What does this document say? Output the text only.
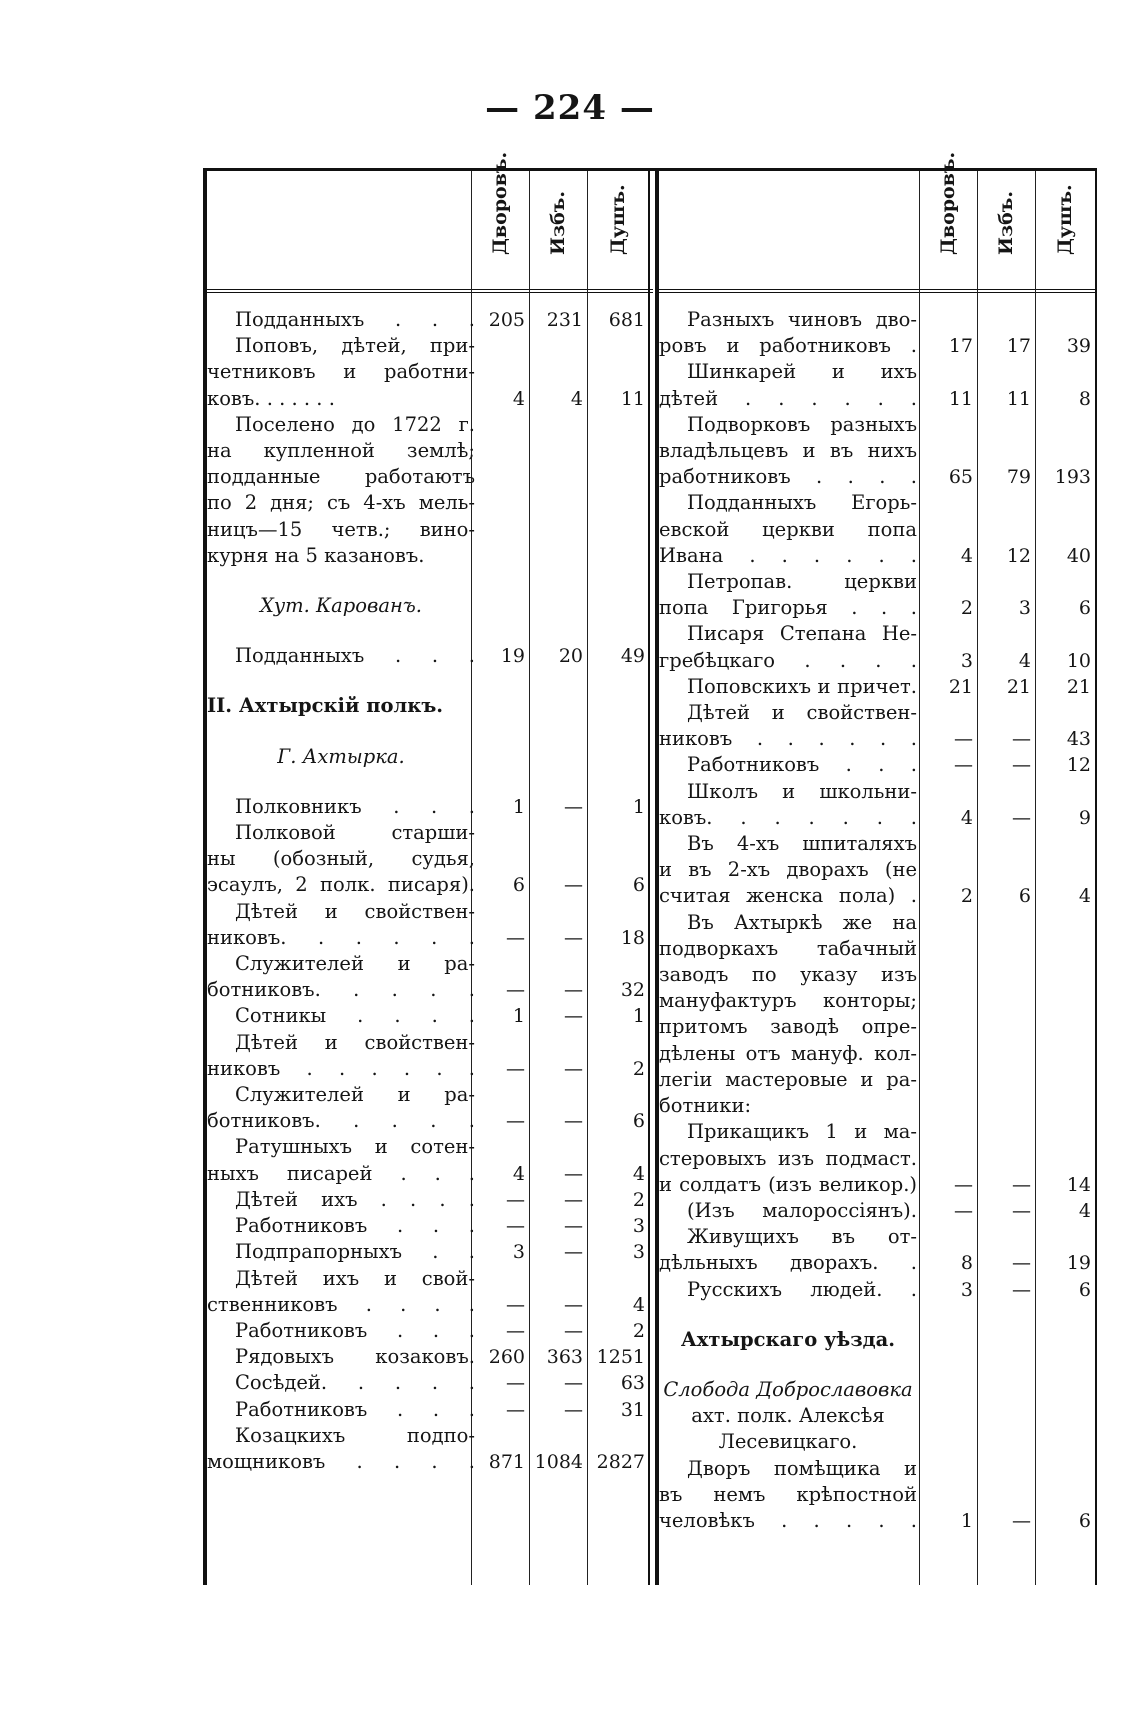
— 224 —
Дворовъ. Избъ. Душъ.
Подданныхъ . . . 205	231	681
Поповъ, дѣтей, при-
четниковъ и работни-
ковъ. . . . . . .	4	4	11
Поселено до 1722 г.
на купленной землѣ;
подданные работаютъ
по 2 дня; съ 4-хъ мель-
ницъ—15 четв.; вино-
курня на 5 казановъ.
Хут. Карованъ.
Подданныхъ . . .	19	20	49
II. Ахтырскій полкъ.
Г. Ахтырка.
Полковникъ . . .	1	—	1
Полковой старши-
ны (обозный, судья,
эсаулъ, 2 полк. писаря).	6	—	6
Дѣтей и свойствен-
никовъ. . . . . .	—	—	18
Служителей и ра-
ботниковъ. . . . .	—	—	32
Сотникы . . . .	1	—	1
Дѣтей и свойствен-
никовъ . . . . . .	—	—	2
Служителей и ра-
ботниковъ. . . . .	—	—	6
Ратушныхъ и сотен-
ныхъ писарей . . .	4	—	4
Дѣтей ихъ . . . .	—	—	2
Работниковъ . . .	—	—	3
Подпрапорныхъ . .	3	—	3
Дѣтей ихъ и свой-
ственниковъ . . . .	—	—	4
Работниковъ . . .	—	—	2
Рядовыхъ козаковъ. 260	363 1251
Сосѣдей. . . . .	—	—	63
Работниковъ . . .	—	—	31
Козацкихъ подпо-
мощниковъ . . . . 871 1084 2827
Дворовъ. Избъ. Душъ.
Разныхъ чиновъ дво-
ровъ и работниковъ .	17	17	39
Шинкарей и ихъ
дѣтей . . . . . .	11	11	8
Подворковъ разныхъ
владѣльцевъ и въ нихъ
работниковъ . . . .	65	79	193
Подданныхъ Егорь-
евской церкви попа
Ивана . . . . . .	4	12	40
Петропав. церкви
попа Григорья . . .	2	3	6
Писаря Степана Не-
гребѣцкаго . . . .	3	4	10
Поповскихъ и причет.	21	21	21
Дѣтей и свойствен-
никовъ . . . . . .	—	—	43
Работниковъ . . .	—	—	12
Школъ и школьни-
ковъ. . . . . . .	4	—	9
Въ 4-хъ шпиталяхъ
и въ 2-хъ дворахъ (не
считая женска пола) .	2	6	4
Въ Ахтыркѣ же на
подворкахъ табачный
заводъ по указу изъ
мануфактуръ конторы;
притомъ заводѣ опре-
дѣлены отъ мануф. кол-
легіи мастеровые и ра-
ботники:
Прикащикъ 1 и ма-
стеровыхъ изъ подмаст.
и солдатъ (изъ великор.)	—	—	14
(Изъ малороссіянъ).	—	—	4
Живущихъ въ от-
дѣльныхъ дворахъ. .	8	—	19
Русскихъ людей. .	3	—	6
Ахтырскаго уѣзда.
Слобода Доброславовка
ахт. полк. Алексѣя
Лесевицкаго.
Дворъ помѣщика и
въ немъ крѣпостной
человѣкъ . . . . .	1	—	6
